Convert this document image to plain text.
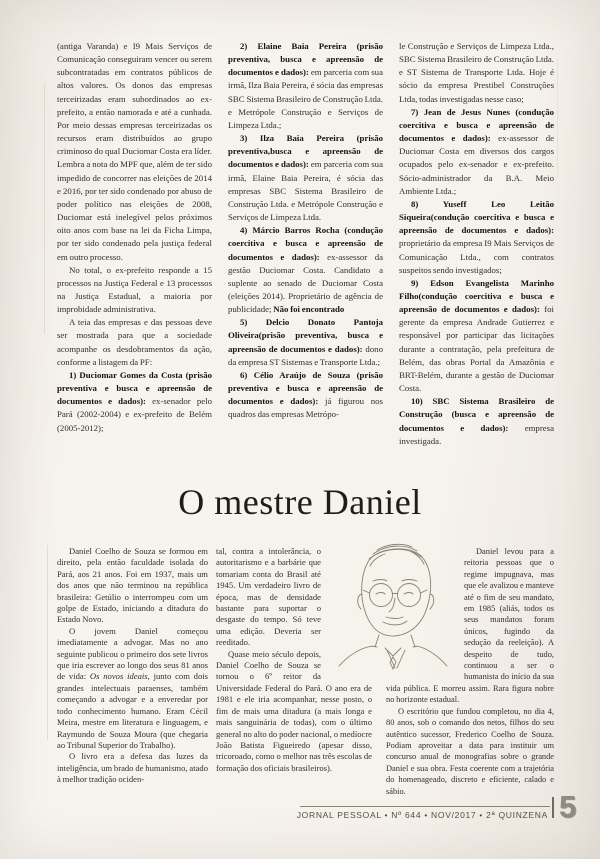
(antiga Varanda) e I9 Mais Serviços de Comunicação conseguiram vencer ou serem subcontratadas em contratos públicos de altos valores. Os donos das empresas terceirizadas eram subordinados ao ex-prefeito, a então namorada e até a cunhada. Por meio dessas empresas terceirizadas os recursos eram distribuídos ao grupo criminoso do qual Duciomar Costa era líder. Lembra a nota do MPF que, além de ter sido impedido de concorrer nas eleições de 2014 e 2016, por ter sido condenado por abuso de poder político nas eleições de 2008, Duciomar está inelegível pelos próximos oito anos com base na lei da Ficha Limpa, por ter sido condenado pela justiça federal em outro processo.

No total, o ex-prefeito responde a 15 processos na Justiça Federal e 13 processos na Justiça Estadual, a maioria por improbidade administrativa.

A teia das empresas e das pessoas deve ser mostrada para que a sociedade acompanhe os desdobramentos da ação, conforme a listagem da PF:

1) Duciomar Gomes da Costa (prisão preventiva e busca e apreensão de documentos e dados): ex-senador pelo Pará (2002-2004) e ex-prefeito de Belém (2005-2012);

2) Elaine Baia Pereira (prisão preventiva, busca e apreensão de documentos e dados): em parceria com sua irmã, Ilza Baia Pereira, é sócia das empresas SBC Sistema Brasileiro de Construção Ltda. e Metrópole Construção e Serviços de Limpeza Ltda.;

3) Ilza Baia Pereira (prisão preventiva,busca e apreensão de documentos e dados): em parceria com sua irmã, Elaine Baia Pereira, é sócia das empresas SBC Sistema Brasileiro de Construção Ltda. e Metrópole Construção e Serviços de Limpeza Ltda.

4) Márcio Barros Rocha (condução coercitiva e busca e apreensão de documentos e dados): ex-assessor da gestão Duciomar Costa. Candidato a suplente ao senado de Duciomar Costa (eleições 2014). Proprietário de agência de publicidade; Não foi encontrado

5) Delcio Donato Pantoja Oliveira(prisão preventiva, busca e apreensão de documentos e dados): dono da empresa ST Sistemas e Transporte Ltda.;

6) Célio Araújo de Souza (prisão preventiva e busca e apreensão de documentos e dados): já figurou nos quadros das empresas Metrópo-

le Construção e Serviços de Limpeza Ltda., SBC Sistema Brasileiro de Construção Ltda. e ST Sistema de Transporte Ltda. Hoje é sócio da empresa Prestibel Construções Ltda, todas investigadas nesse caso;

7) Jean de Jesus Nunes (condução coercitiva e busca e apreensão de documentos e dados): ex-assessor de Duciomar Costa em diversos dos cargos ocupados pelo ex-senador e ex-prefeito. Sócio-administrador da B.A. Meio Ambiente Ltda.;

8) Yuseff Leo Leitão Siqueira(condução coercitiva e busca e apreensão de documentos e dados): proprietário da empresa I9 Mais Serviços de Comunicação Ltda., com contratos suspeitos sendo investigados;

9) Edson Evangelista Marinho Filho(condução coercitiva e busca e apreensão de documentos e dados): foi gerente da empresa Andrade Gutierrez e responsável por participar das licitações durante a contratação, pela prefeitura de Belém, das obras Portal da Amazônia e BRT-Belém, durante a gestão de Duciomar Costa.

10) SBC Sistema Brasileiro de Construção (busca e apreensão de documentos e dados): empresa investigada.

O mestre Daniel

Daniel Coelho de Souza se formou em direito, pela então faculdade isolada do Pará, aos 21 anos. Foi em 1937, mais um dos anos que não terminou na república brasileira: Getúlio o interrompeu com um golpe de Estado, iniciando a ditadura do Estado Novo.

O jovem Daniel começou imediatamente a advogar. Mas no ano seguinte publicou o primeiro dos sete livros que iria escrever ao longo dos seus 81 anos de vida: Os novos ideais, junto com dois grandes intelectuais paraenses, também começando a advogar e a enveredar por todo conhecimento humano. Eram Cécil Meira, mestre em literatura e linguagem, e Raymundo de Souza Moura (que chegaria ao Tribunal Superior do Trabalho).

O livro era a defesa das luzes da inteligência, um brado de humanismo, atado à melhor tradição ociden-

tal, contra a intolerância, o autoritarismo e a barbárie que tomariam conta do Brasil até 1945. Um verdadeiro livro de época, mas de densidade bastante para suportar o desgaste do tempo. Só teve uma edição. Deveria ser reeditado.

Quase meio século depois, Daniel Coelho de Souza se tornou o 6º reitor da Universidade Federal do Pará. O ano era de 1981 e ele iria acompanhar, nesse posto, o fim de mais uma ditadura (a mais longa e mais sanguinária de todas), com o último general no alto do poder nacional, o medíocre João Batista Figueiredo (apesar disso, tricoroado, como o melhor nas três escolas de formação dos oficiais brasileiros).

Daniel levou para a reitoria pessoas que o regime impugnava, mas que ele avalizou e manteve até o fim de seu mandato, em 1985 (aliás, todos os seus mandatos foram únicos, fugindo da sedução da reeleição). A despeito de tudo, continuou a ser o humanista do início da sua vida pública. E morreu assim. Rara figura nobre no horizonte estadual.

O escritório que fundou completou, no dia 4, 80 anos, sob o comando dos netos, filhos do seu autêntico sucessor, Frederico Coelho de Souza. Podiam aproveitar a data para instituir um concurso anual de monografias sobre o grande Daniel e sua obra. Festa coerente com a trajetória do homenageado, discreto e eficiente, calado e sábio.

JORNAL PESSOAL • Nº 644 • NOV/2017 • 2ª QUINZENA 5
